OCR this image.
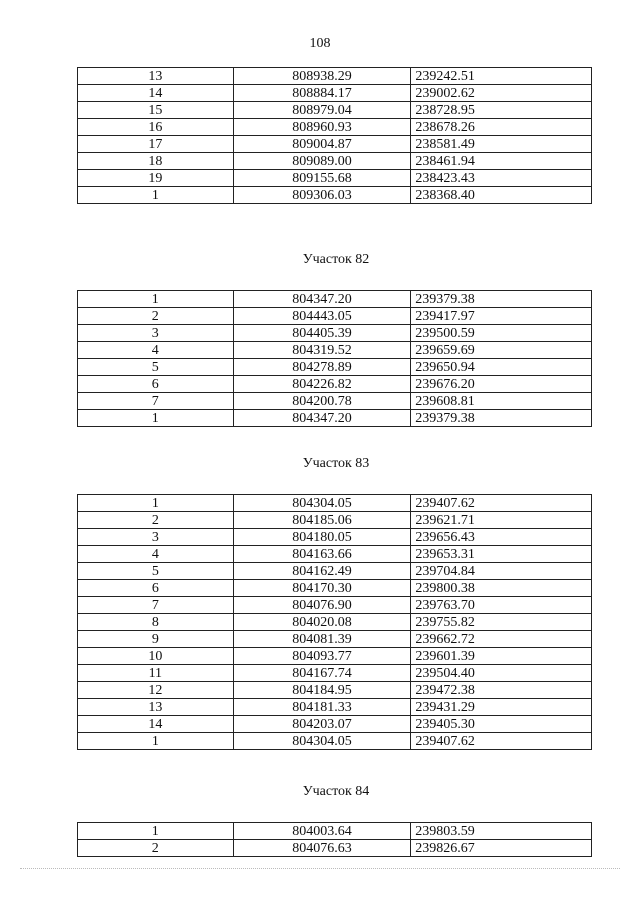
108
13	808938.29	239242.51
14	808884.17	239002.62
15	808979.04	238728.95
16	808960.93	238678.26
17	809004.87	238581.49
18	809089.00	238461.94
19	809155.68	238423.43
1	809306.03	238368.40
Участок 82
1	804347.20	239379.38
2	804443.05	239417.97
3	804405.39	239500.59
4	804319.52	239659.69
5	804278.89	239650.94
6	804226.82	239676.20
7	804200.78	239608.81
1	804347.20	239379.38
Участок 83
1	804304.05	239407.62
2	804185.06	239621.71
3	804180.05	239656.43
4	804163.66	239653.31
5	804162.49	239704.84
6	804170.30	239800.38
7	804076.90	239763.70
8	804020.08	239755.82
9	804081.39	239662.72
10	804093.77	239601.39
11	804167.74	239504.40
12	804184.95	239472.38
13	804181.33	239431.29
14	804203.07	239405.30
1	804304.05	239407.62
Участок 84
1	804003.64	239803.59
2	804076.63	239826.67
